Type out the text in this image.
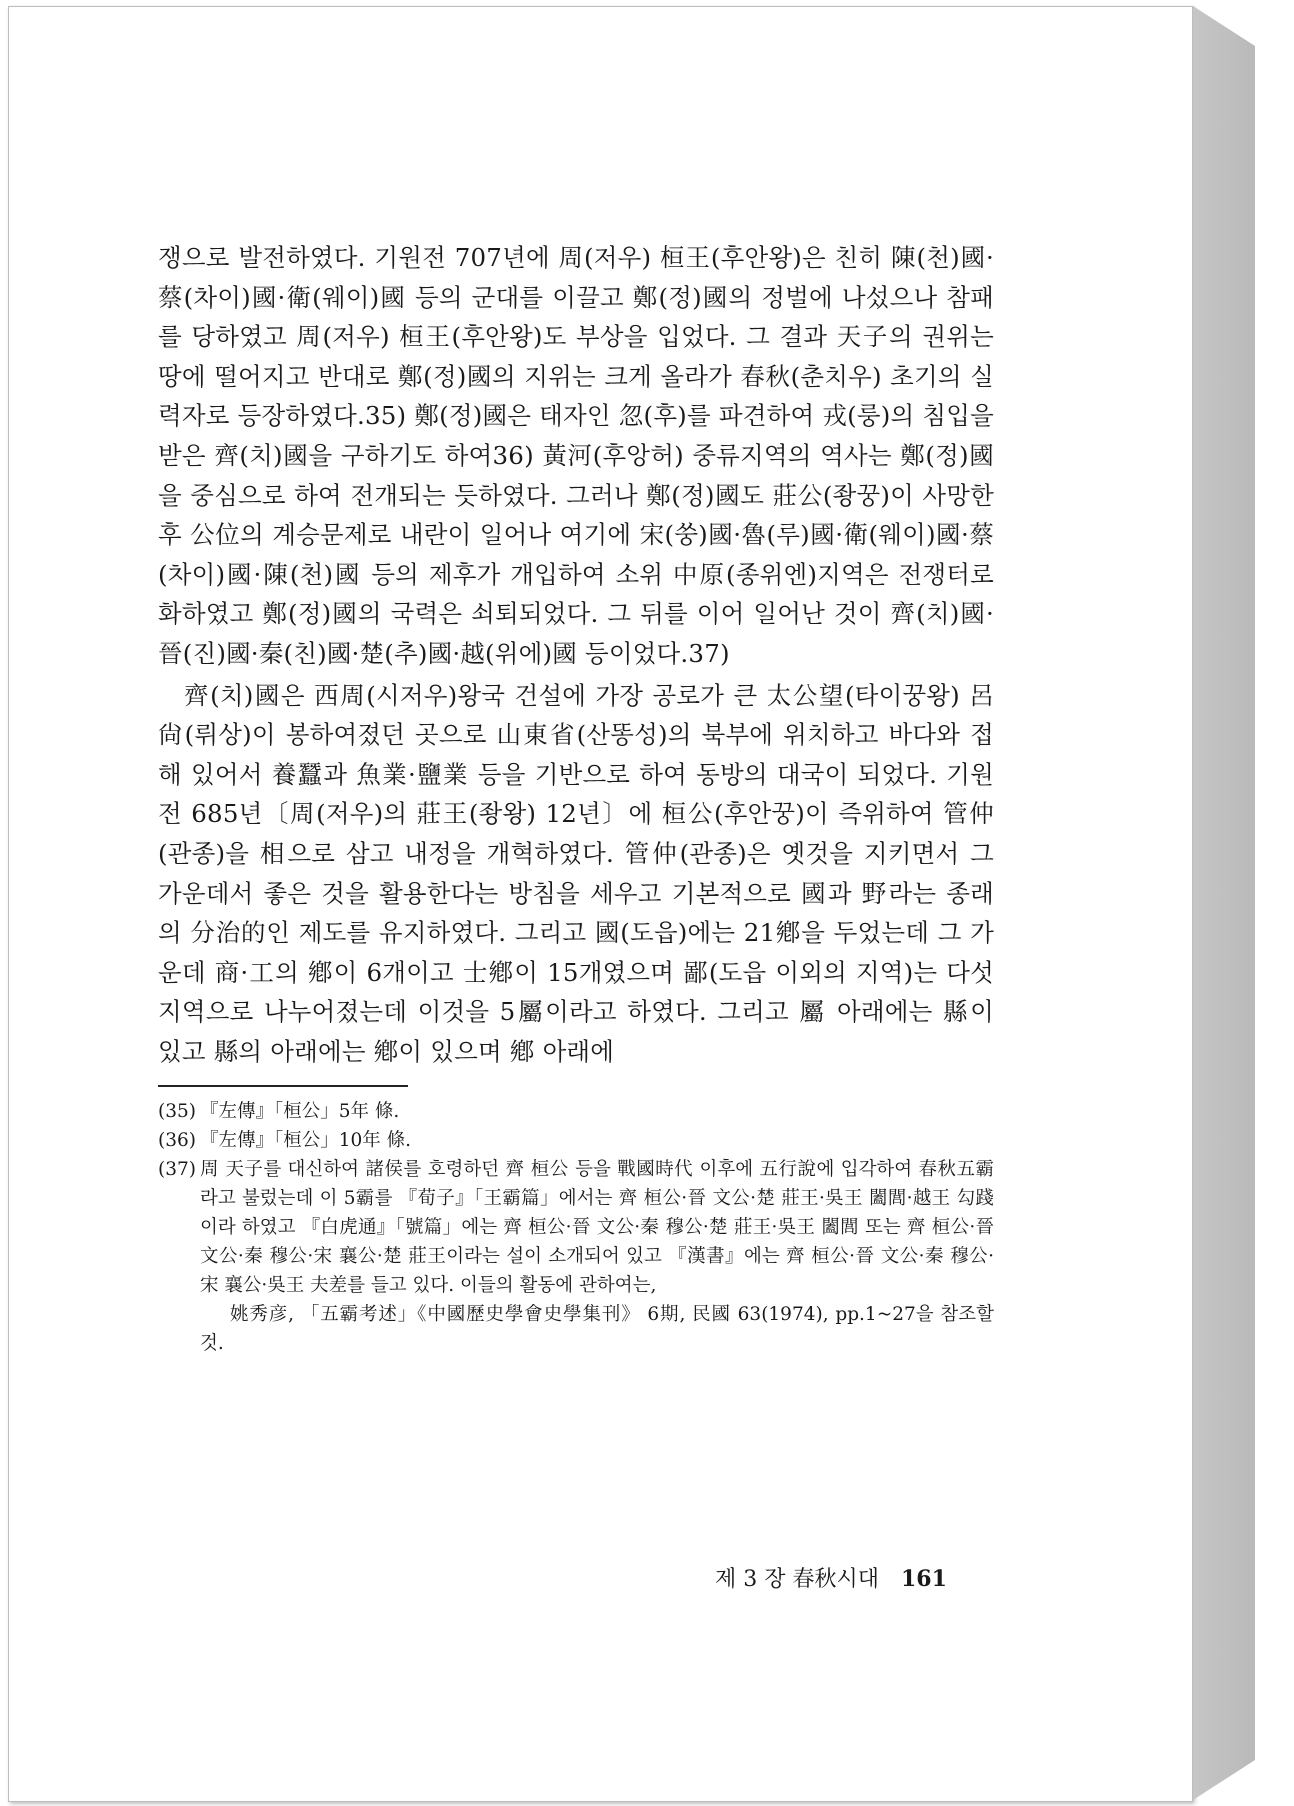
쟁으로 발전하였다. 기원전 707년에 周(저우) 桓王(후안왕)은 친히 陳(천)國·蔡(차이)國·衛(웨이)國 등의 군대를 이끌고 鄭(정)國의 정벌에 나섰으나 참패를 당하였고 周(저우) 桓王(후안왕)도 부상을 입었다. 그 결과 天子의 권위는 땅에 떨어지고 반대로 鄭(정)國의 지위는 크게 올라가 春秋(춘치우) 초기의 실력자로 등장하였다.35) 鄭(정)國은 태자인 忽(후)를 파견하여 戎(룽)의 침입을 받은 齊(치)國을 구하기도 하여36) 黃河(후앙허) 중류지역의 역사는 鄭(정)國을 중심으로 하여 전개되는 듯하였다. 그러나 鄭(정)國도 莊公(좡꿍)이 사망한 후 公位의 계승문제로 내란이 일어나 여기에 宋(쑹)國·魯(루)國·衛(웨이)國·蔡(차이)國·陳(천)國 등의 제후가 개입하여 소위 中原(종위엔)지역은 전쟁터로 화하였고 鄭(정)國의 국력은 쇠퇴되었다. 그 뒤를 이어 일어난 것이 齊(치)國·晉(진)國·秦(친)國·楚(추)國·越(위에)國 등이었다.37)

齊(치)國은 西周(시저우)왕국 건설에 가장 공로가 큰 太公望(타이꿍왕) 呂尙(뤼상)이 봉하여졌던 곳으로 山東省(산똥성)의 북부에 위치하고 바다와 접해 있어서 養蠶과 魚業·鹽業 등을 기반으로 하여 동방의 대국이 되었다. 기원전 685년〔周(저우)의 莊王(좡왕) 12년〕에 桓公(후안꿍)이 즉위하여 管仲(관종)을 相으로 삼고 내정을 개혁하였다. 管仲(관종)은 옛것을 지키면서 그 가운데서 좋은 것을 활용한다는 방침을 세우고 기본적으로 國과 野라는 종래의 分治的인 제도를 유지하였다. 그리고 國(도읍)에는 21鄕을 두었는데 그 가운데 商·工의 鄕이 6개이고 士鄕이 15개였으며 鄙(도읍 이외의 지역)는 다섯 지역으로 나누어졌는데 이것을 5屬이라고 하였다. 그리고 屬 아래에는 縣이 있고 縣의 아래에는 鄕이 있으며 鄕 아래에

(35) 『左傳』「桓公」5年 條.
(36) 『左傳』「桓公」10年 條.
(37) 周 天子를 대신하여 諸侯를 호령하던 齊 桓公 등을 戰國時代 이후에 五行說에 입각하여 春秋五霸라고 불렀는데 이 5霸를 『荀子』「王霸篇」에서는 齊 桓公·晉 文公·楚 莊王·吳王 闔閭·越王 勾踐이라 하였고 『白虎通』「號篇」에는 齊 桓公·晉 文公·秦 穆公·楚 莊王·吳王 闔閭 또는 齊 桓公·晉 文公·秦 穆公·宋 襄公·楚 莊王이라는 설이 소개되어 있고 『漢書』에는 齊 桓公·晉 文公·秦 穆公·宋 襄公·吳王 夫差를 들고 있다. 이들의 활동에 관하여는,
姚秀彦, 「五霸考述」《中國歷史學會史學集刊》 6期, 民國 63(1974), pp.1~27을 참조할 것.
제 3 장 春秋시대 161
